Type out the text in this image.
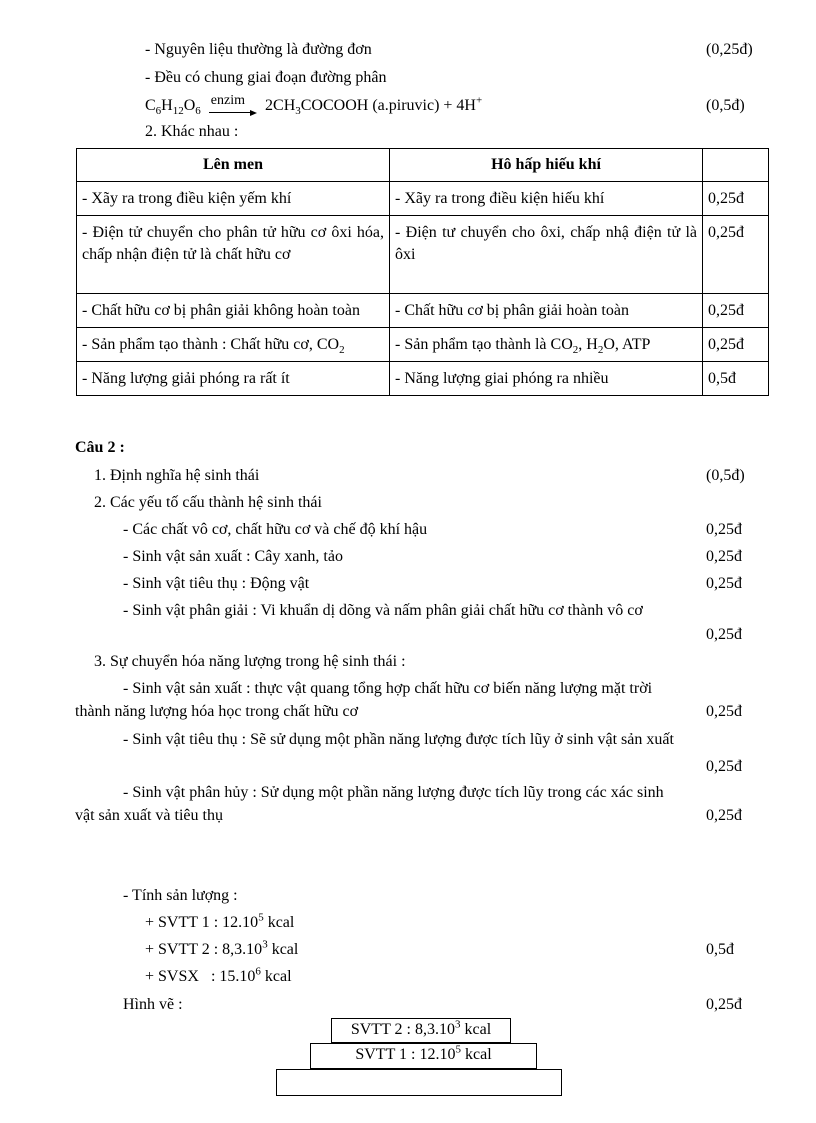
- Nguyên liệu thường là đường đơn	(0,25đ)
- Đều có chung giai đoạn đường phân
$C_6H_{12}O_6$ enzim $2CH_3COCOOH$ (a.piruvic) + 4H+	(0,5đ)
2. Khác nhau :
Lên men	Hô hấp hiếu khí	
- Xãy ra trong điều kiện yếm khí	- Xãy ra trong điều kiện hiếu khí	0,25đ
- Điện tử chuyển cho phân tử hữu cơ ôxi hóa, chấp nhận điện tử là chất hữu cơ	- Điện tư chuyển cho ôxi, chấp nhậ điện tử là ôxi	0,25đ
- Chất hữu cơ bị phân giải không hoàn toàn	- Chất hữu cơ bị phân giải hoàn toàn	0,25đ
- Sản phẩm tạo thành : Chất hữu cơ, $CO_2$	- Sản phẩm tạo thành là $CO_2$, $H_2O$, ATP	0,25đ
- Năng lượng giải phóng ra rất ít	- Năng lượng giai phóng ra nhiều	0,5đ
Câu 2 :
1. Định nghĩa hệ sinh thái	(0,5đ)
2. Các yếu tố cấu thành hệ sinh thái
- Các chất vô cơ, chất hữu cơ và chế độ khí hậu	0,25đ
- Sinh vật sản xuất : Cây xanh, tảo	0,25đ
- Sinh vật tiêu thụ : Động vật	0,25đ
- Sinh vật phân giải : Vi khuẩn dị dõng và nấm phân giải chất hữu cơ thành vô cơ
0,25đ
3. Sự chuyển hóa năng lượng trong hệ sinh thái :
- Sinh vật sản xuất : thực vật quang tổng hợp chất hữu cơ biến năng lượng mặt trời
thành năng lượng hóa học trong chất hữu cơ	0,25đ
- Sinh vật tiêu thụ : Sẽ sử dụng một phần năng lượng được tích lũy ở sinh vật sản xuất
0,25đ
- Sinh vật phân hủy : Sử dụng một phần năng lượng được tích lũy trong các xác sinh
vật sản xuất và tiêu thụ	0,25đ
- Tính sản lượng :
+ SVTT 1 : 12.10$^5$ kcal
+ SVTT 2 : 8,3.10$^3$ kcal	0,5đ
+ SVSX   : 15.10$^6$ kcal
Hình vẽ :	0,25đ
SVTT 2 : 8,3.10$^3$ kcal
SVTT 1 : 12.10$^5$ kcal
